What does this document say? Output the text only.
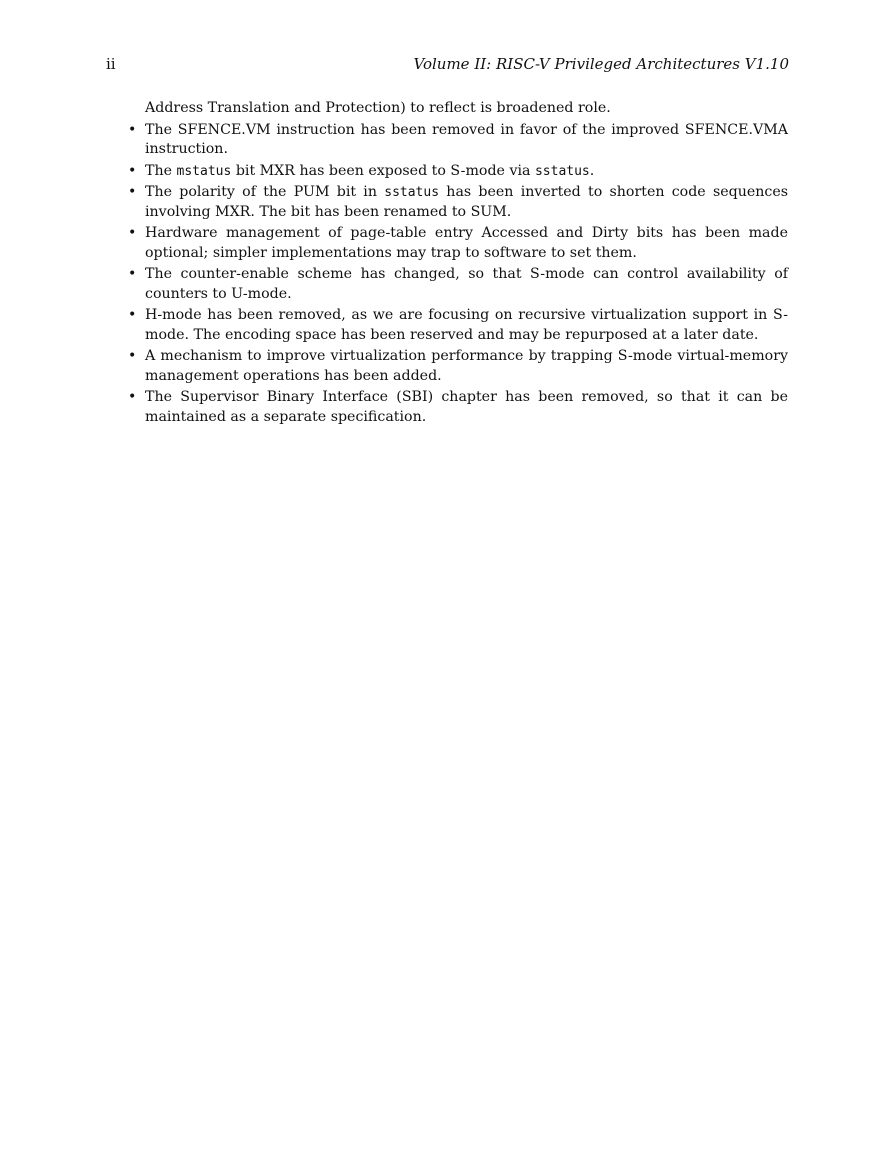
ii	Volume II: RISC-V Privileged Architectures V1.10

Address Translation and Protection) to reflect is broadened role.

• The SFENCE.VM instruction has been removed in favor of the improved SFENCE.VMA instruction.
• The mstatus bit MXR has been exposed to S-mode via sstatus.
• The polarity of the PUM bit in sstatus has been inverted to shorten code sequences involving MXR. The bit has been renamed to SUM.
• Hardware management of page-table entry Accessed and Dirty bits has been made optional; simpler implementations may trap to software to set them.
• The counter-enable scheme has changed, so that S-mode can control availability of counters to U-mode.
• H-mode has been removed, as we are focusing on recursive virtualization support in S-mode. The encoding space has been reserved and may be repurposed at a later date.
• A mechanism to improve virtualization performance by trapping S-mode virtual-memory management operations has been added.
• The Supervisor Binary Interface (SBI) chapter has been removed, so that it can be maintained as a separate specification.
